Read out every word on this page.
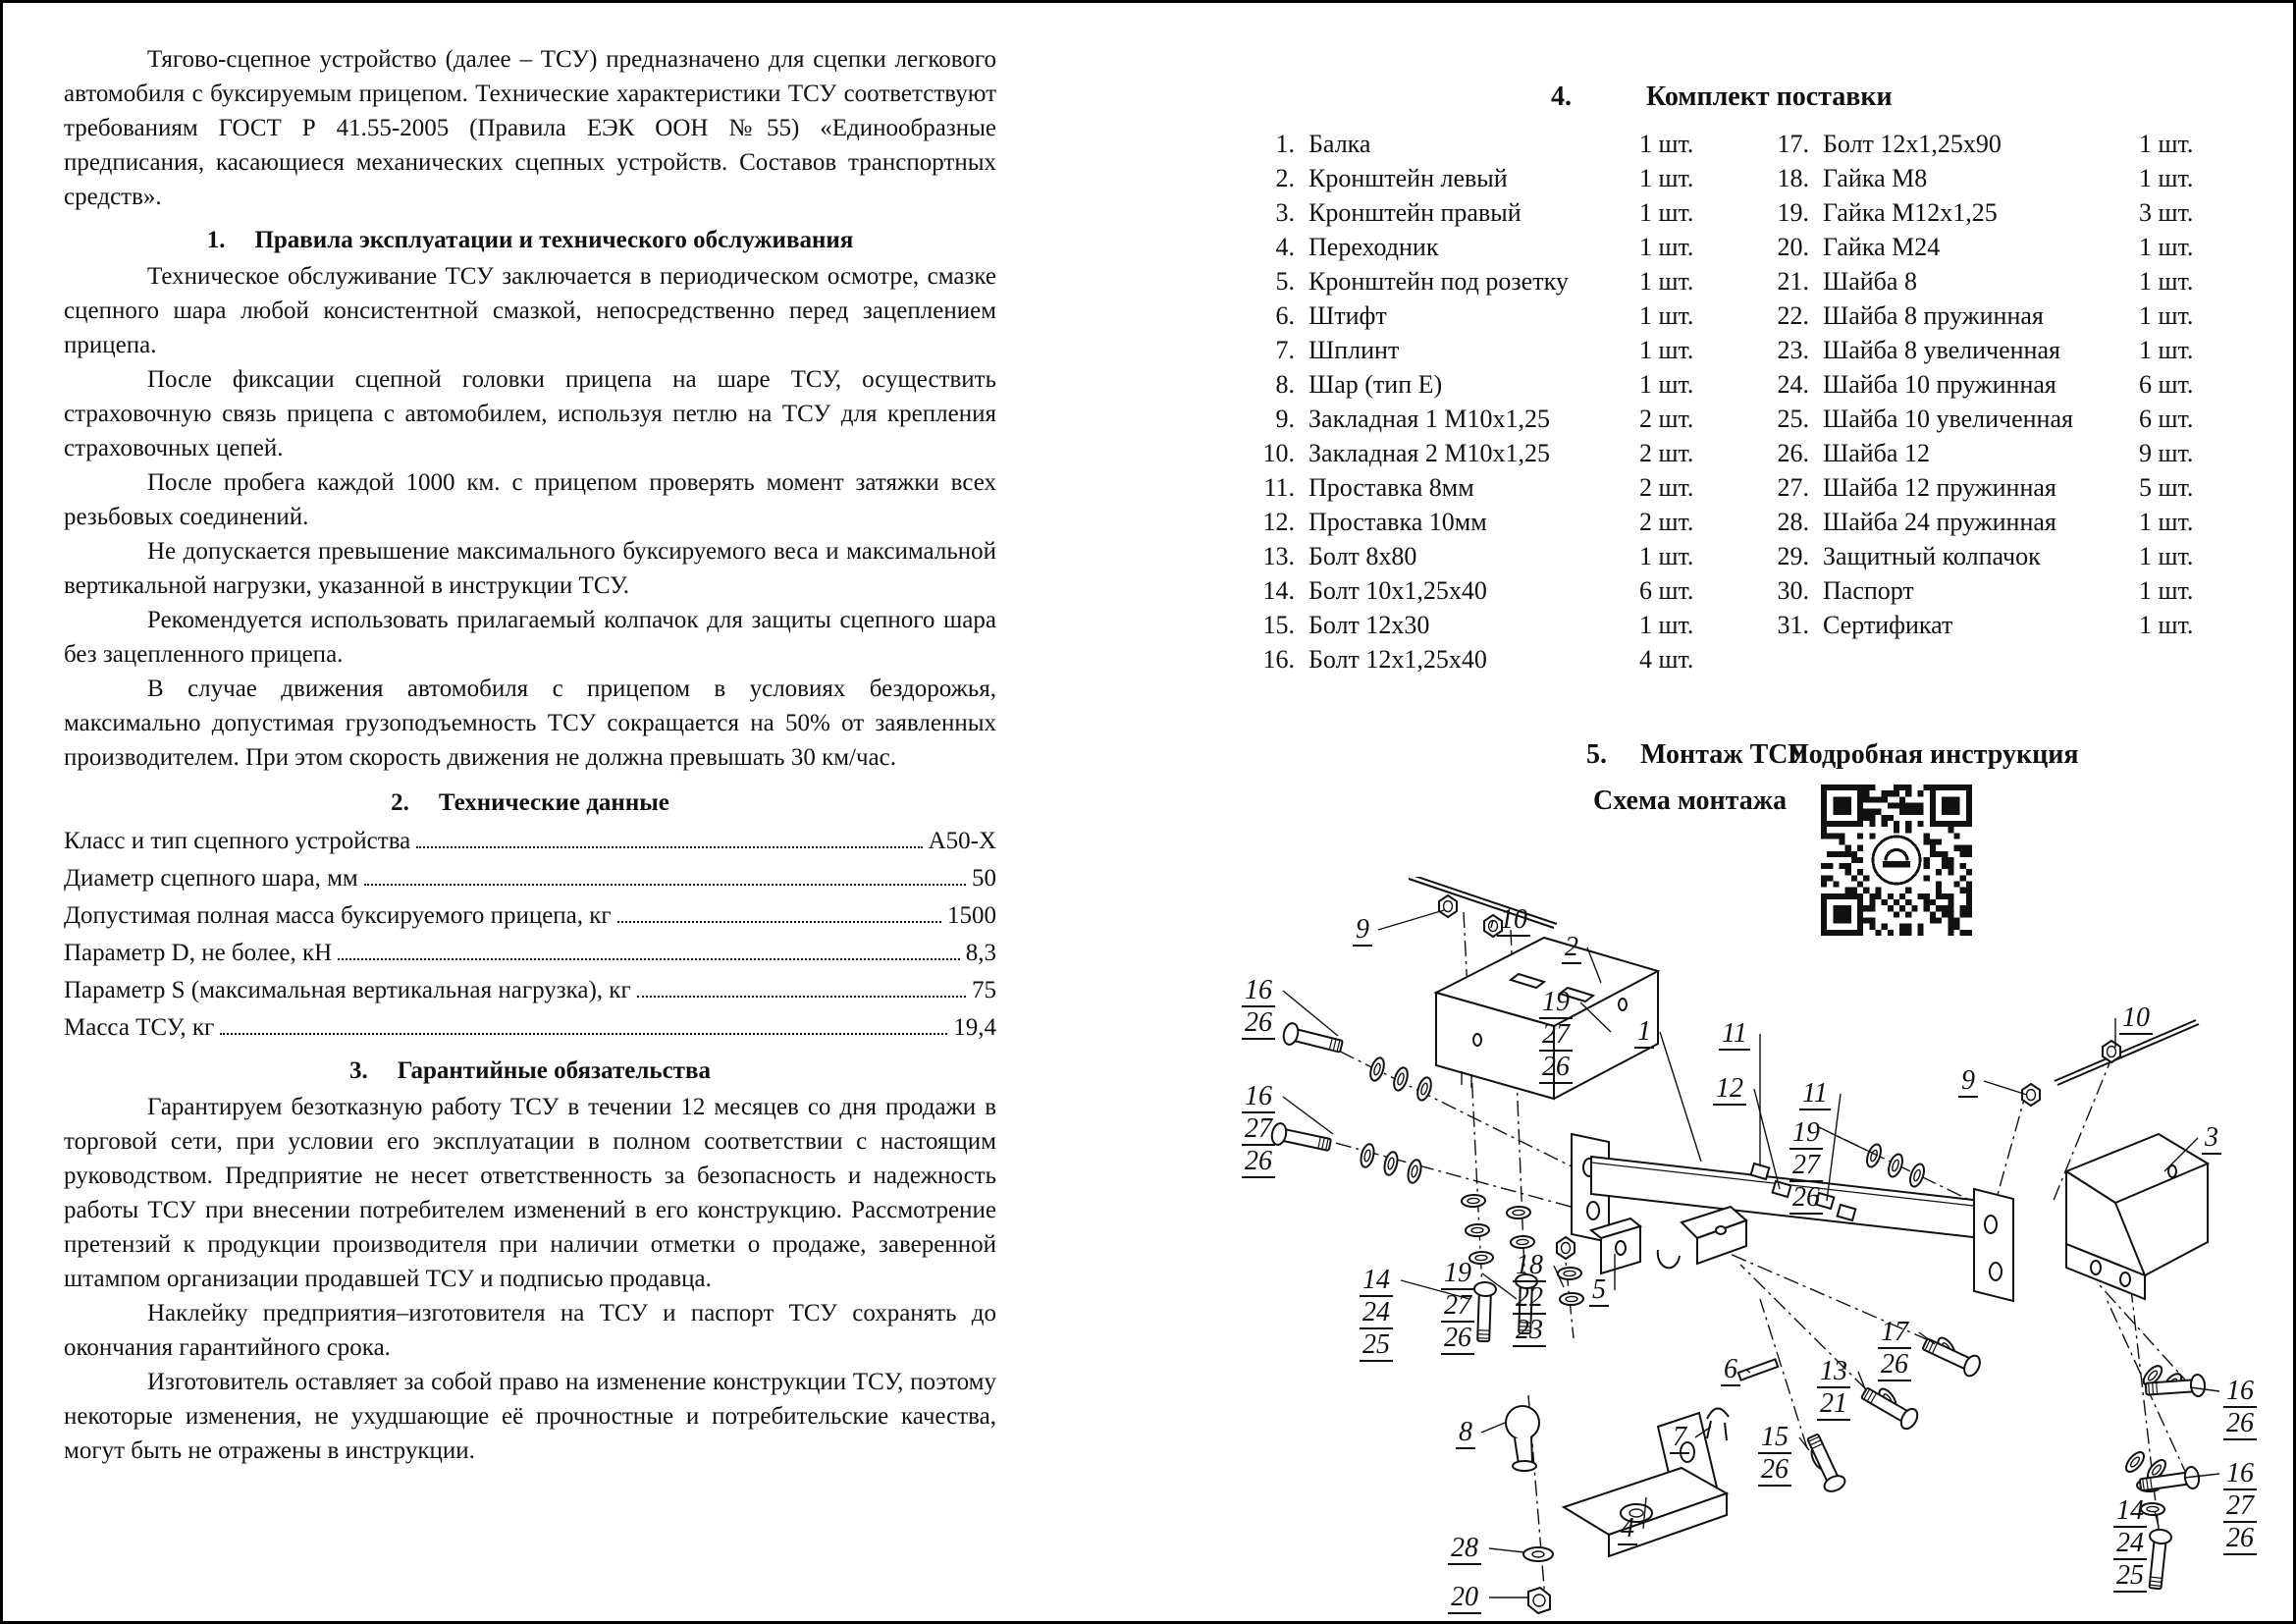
Тягово-сцепное устройство (далее – ТСУ) предназначено для сцепки легкового автомобиля с буксируемым прицепом. Технические характеристики ТСУ соответствуют требованиям ГОСТ Р 41.55-2005 (Правила ЕЭК ООН №55) «Единообразные предписания, касающиеся механических сцепных устройств. Составов транспортных средств».

1. Правила эксплуатации и технического обслуживания

Техническое обслуживание ТСУ заключается в периодическом осмотре, смазке сцепного шара любой консистентной смазкой, непосредственно перед зацеплением прицепа.

После фиксации сцепной головки прицепа на шаре ТСУ, осуществить страховочную связь прицепа с автомобилем, используя петлю на ТСУ для крепления страховочных цепей.

После пробега каждой 1000 км. с прицепом проверять момент затяжки всех резьбовых соединений.

Не допускается превышение максимального буксируемого веса и максимальной вертикальной нагрузки, указанной в инструкции ТСУ.

Рекомендуется использовать прилагаемый колпачок для защиты сцепного шара без зацепленного прицепа.

В случае движения автомобиля с прицепом в условиях бездорожья, максимально допустимая грузоподъемность ТСУ сокращается на 50% от заявленных производителем. При этом скорость движения не должна превышать 30 км/час.

2. Технические данные
Класс и тип сцепного устройства	А50-X
Диаметр сцепного шара, мм	50
Допустимая полная масса буксируемого прицепа, кг	1500
Параметр D, не более, кН	8,3
Параметр S (максимальная вертикальная нагрузка), кг	75
Масса ТСУ, кг	19,4
3. Гарантийные обязательства

Гарантируем безотказную работу ТСУ в течении 12 месяцев со дня продажи в торговой сети, при условии его эксплуатации в полном соответствии с настоящим руководством. Предприятие не несет ответственность за безопасность и надежность работы ТСУ при внесении потребителем изменений в его конструкцию. Рассмотрение претензий к продукции производителя при наличии отметки о продаже, заверенной штампом организации продавшей ТСУ и подписью продавца.

Наклейку предприятия–изготовителя на ТСУ и паспорт ТСУ сохранять до окончания гарантийного срока.

Изготовитель оставляет за собой право на изменение конструкции ТСУ, поэтому некоторые изменения, не ухудшающие её прочностные и потребительские качества, могут быть не отражены в инструкции.

4.	Комплект поставки
1. Балка	1 шт.
2. Кронштейн левый	1 шт.
3. Кронштейн правый	1 шт.
4. Переходник	1 шт.
5. Кронштейн под розетку	1 шт.
6. Штифт	1 шт.
7. Шплинт	1 шт.
8. Шар (тип Е)	1 шт.
9. Закладная 1 М10х1,25	2 шт.
10. Закладная 2 М10х1,25	2 шт.
11. Проставка 8мм	2 шт.
12. Проставка 10мм	2 шт.
13. Болт 8х80	1 шт.
14. Болт 10х1,25х40	6 шт.
15. Болт 12х30	1 шт.
16. Болт 12х1,25х40	4 шт.
17. Болт 12х1,25х90	1 шт.
18. Гайка М8	1 шт.
19. Гайка М12х1,25	3 шт.
20. Гайка М24	1 шт.
21. Шайба 8	1 шт.
22. Шайба 8 пружинная	1 шт.
23. Шайба 8 увеличенная	1 шт.
24. Шайба 10 пружинная	6 шт.
25. Шайба 10 увеличенная	6 шт.
26. Шайба 12	9 шт.
27. Шайба 12 пружинная	5 шт.
28. Шайба 24 пружинная	1 шт.
29. Защитный колпачок	1 шт.
30. Паспорт	1 шт.
31. Сертификат	1 шт.
5. Монтаж ТСУ
Схема монтажа
Подробная инструкция
9	10
2
16
26
19
27
26
1	11
12 11
19
27
26
10
9
3
16
27
26
14
24
25
19
27
26
18
22
23
5
6	13
21
17
26
15
26
7
8
4
28
20
16
26
16
27
26
14
24
25
